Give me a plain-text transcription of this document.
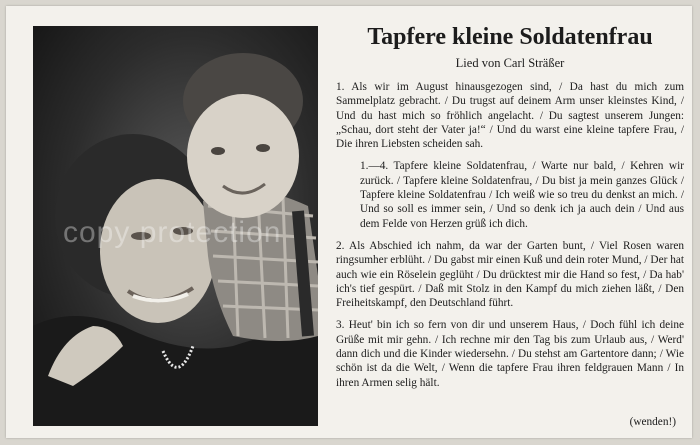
copy protection
Tapfere kleine Soldatenfrau

Lied von Carl Sträßer

1. Als wir im August hinausgezogen sind, / Da hast du mich zum Sammelplatz gebracht. / Du trugst auf deinem Arm unser kleinstes Kind, / Und du hast mich so fröhlich angelacht. / Du sagtest unserem Jungen: „Schau, dort steht der Vater ja!“ / Und du warst eine kleine tapfere Frau, / Die ihren Liebsten scheiden sah.

1.—4. Tapfere kleine Soldatenfrau, / Warte nur bald, / Kehren wir zurück. / Tapfere kleine Soldatenfrau, / Du bist ja mein ganzes Glück / Tapfere kleine Soldatenfrau / Ich weiß wie so treu du denkst an mich. / Und so soll es immer sein, / Und so denk ich ja auch dein / Und aus dem Felde von Herzen grüß ich dich.

2. Als Abschied ich nahm, da war der Garten bunt, / Viel Rosen waren ringsumher erblüht. / Du gabst mir einen Kuß und dein roter Mund, / Der hat auch wie ein Röselein geglüht / Du drücktest mir die Hand so fest, / Da hab' ich's tief gespürt. / Daß mit Stolz in den Kampf du mich ziehen läßt, / Den Freiheitskampf, den Deutschland führt.

3. Heut' bin ich so fern von dir und unserem Haus, / Doch fühl ich deine Grüße mit mir gehn. / Ich rechne mir den Tag bis zum Urlaub aus, / Werd' dann dich und die Kinder wiedersehn. / Du stehst am Gartentore dann; / Wie schön ist da die Welt, / Wenn die tapfere Frau ihren feldgrauen Mann / In ihren Armen selig hält.

(wenden!)
